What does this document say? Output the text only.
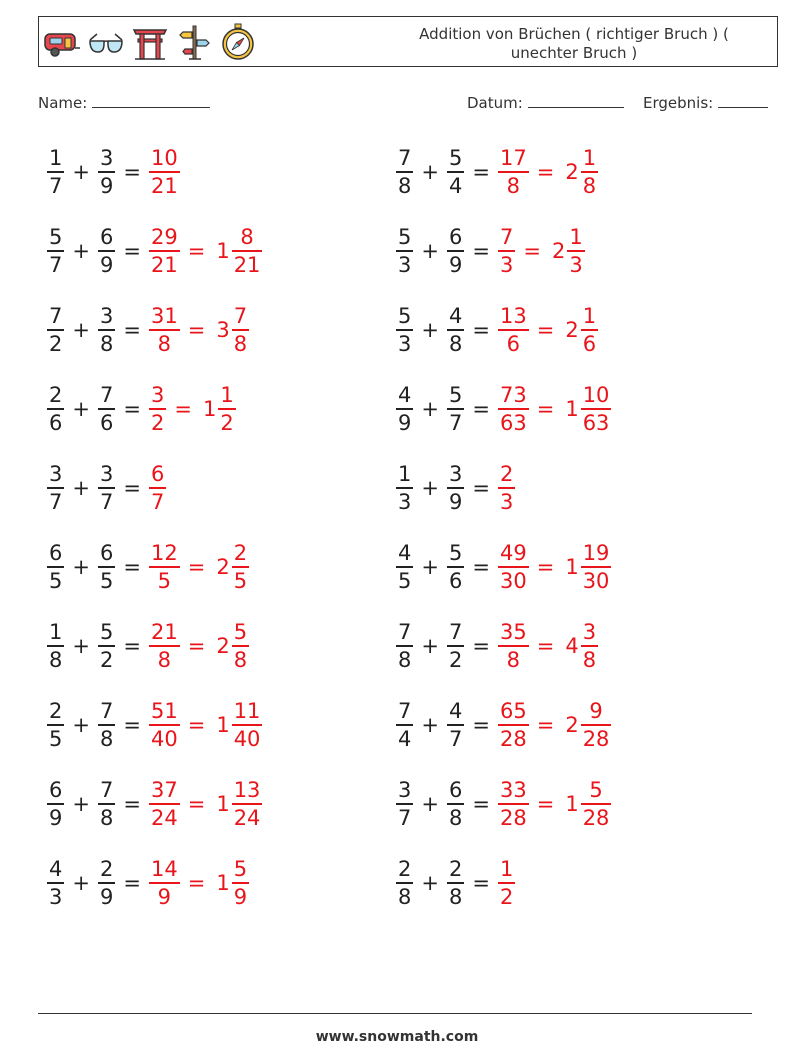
Addition von Brüchen ( richtiger Bruch ) ( unechter Bruch )
Name:	Datum:	Ergebnis:
$\frac{1}{7} + \frac{3}{9} = \frac{10}{21}$	$\frac{7}{8} + \frac{5}{4} = \frac{17}{8} = 2 \frac{1}{8}$
$\frac{5}{7} + \frac{6}{9} = \frac{29}{21} = 1 \frac{8}{21}$	$\frac{5}{3} + \frac{6}{9} = \frac{7}{3} = 2 \frac{1}{3}$
$\frac{7}{2} + \frac{3}{8} = \frac{31}{8} = 3 \frac{7}{8}$	$\frac{5}{3} + \frac{4}{8} = \frac{13}{6} = 2 \frac{1}{6}$
$\frac{2}{6} + \frac{7}{6} = \frac{3}{2} = 1 \frac{1}{2}$	$\frac{4}{9} + \frac{5}{7} = \frac{73}{63} = 1 \frac{10}{63}$
$\frac{3}{7} + \frac{3}{7} = \frac{6}{7}$	$\frac{1}{3} + \frac{3}{9} = \frac{2}{3}$
$\frac{6}{5} + \frac{6}{5} = \frac{12}{5} = 2 \frac{2}{5}$	$\frac{4}{5} + \frac{5}{6} = \frac{49}{30} = 1 \frac{19}{30}$
$\frac{1}{8} + \frac{5}{2} = \frac{21}{8} = 2 \frac{5}{8}$	$\frac{7}{8} + \frac{7}{2} = \frac{35}{8} = 4 \frac{3}{8}$
$\frac{2}{5} + \frac{7}{8} = \frac{51}{40} = 1 \frac{11}{40}$	$\frac{7}{4} + \frac{4}{7} = \frac{65}{28} = 2 \frac{9}{28}$
$\frac{6}{9} + \frac{7}{8} = \frac{37}{24} = 1 \frac{13}{24}$	$\frac{3}{7} + \frac{6}{8} = \frac{33}{28} = 1 \frac{5}{28}$
$\frac{4}{3} + \frac{2}{9} = \frac{14}{9} = 1 \frac{5}{9}$	$\frac{2}{8} + \frac{2}{8} = \frac{1}{2}$
www.snowmath.com
